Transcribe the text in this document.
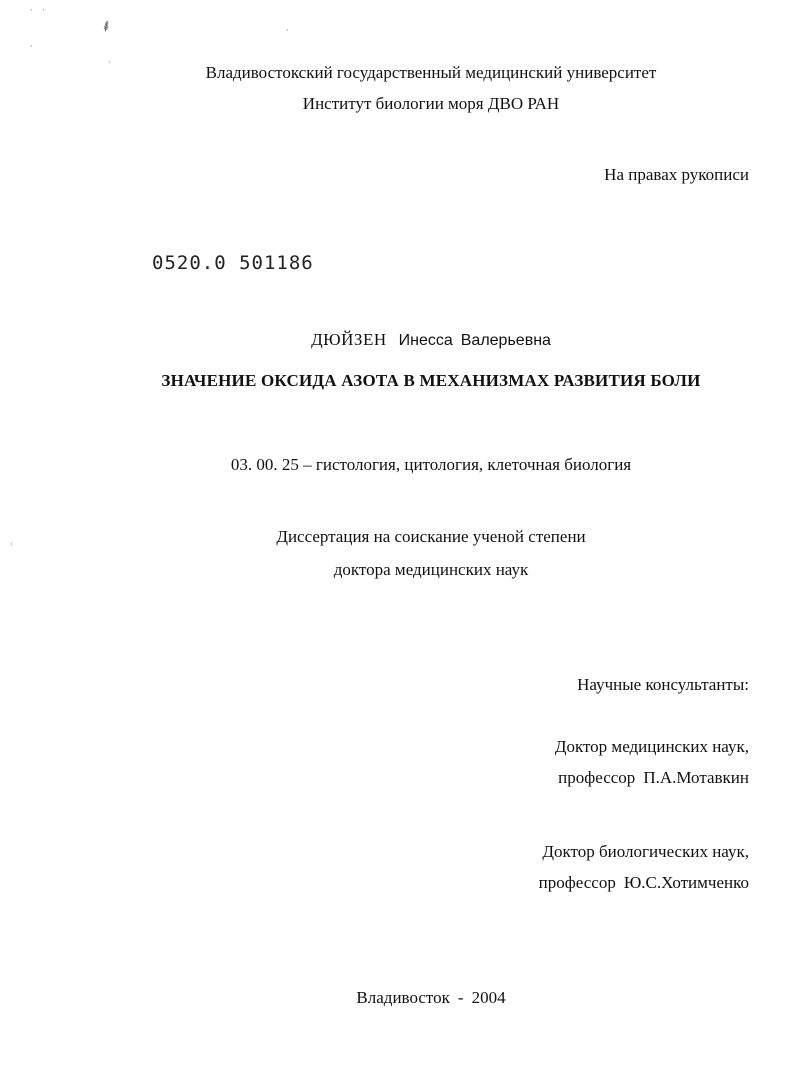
⸙
· ·
·
·
·
·
Владивостокский государственный медицинский университет
Институт биологии моря ДВО РАН
На правах рукописи
0520.0 501186
ДЮЙЗЕН Инесса Валерьевна
ЗНАЧЕНИЕ ОКСИДА АЗОТА В МЕХАНИЗМАХ РАЗВИТИЯ БОЛИ
03. 00. 25 – гистология, цитология, клеточная биология
Диссертация на соискание ученой степени
доктора медицинских наук
Научные консультанты:
Доктор медицинских наук,
профессор П.А.Мотавкин
Доктор биологических наук,
профессор Ю.С.Хотимченко
Владивосток - 2004
